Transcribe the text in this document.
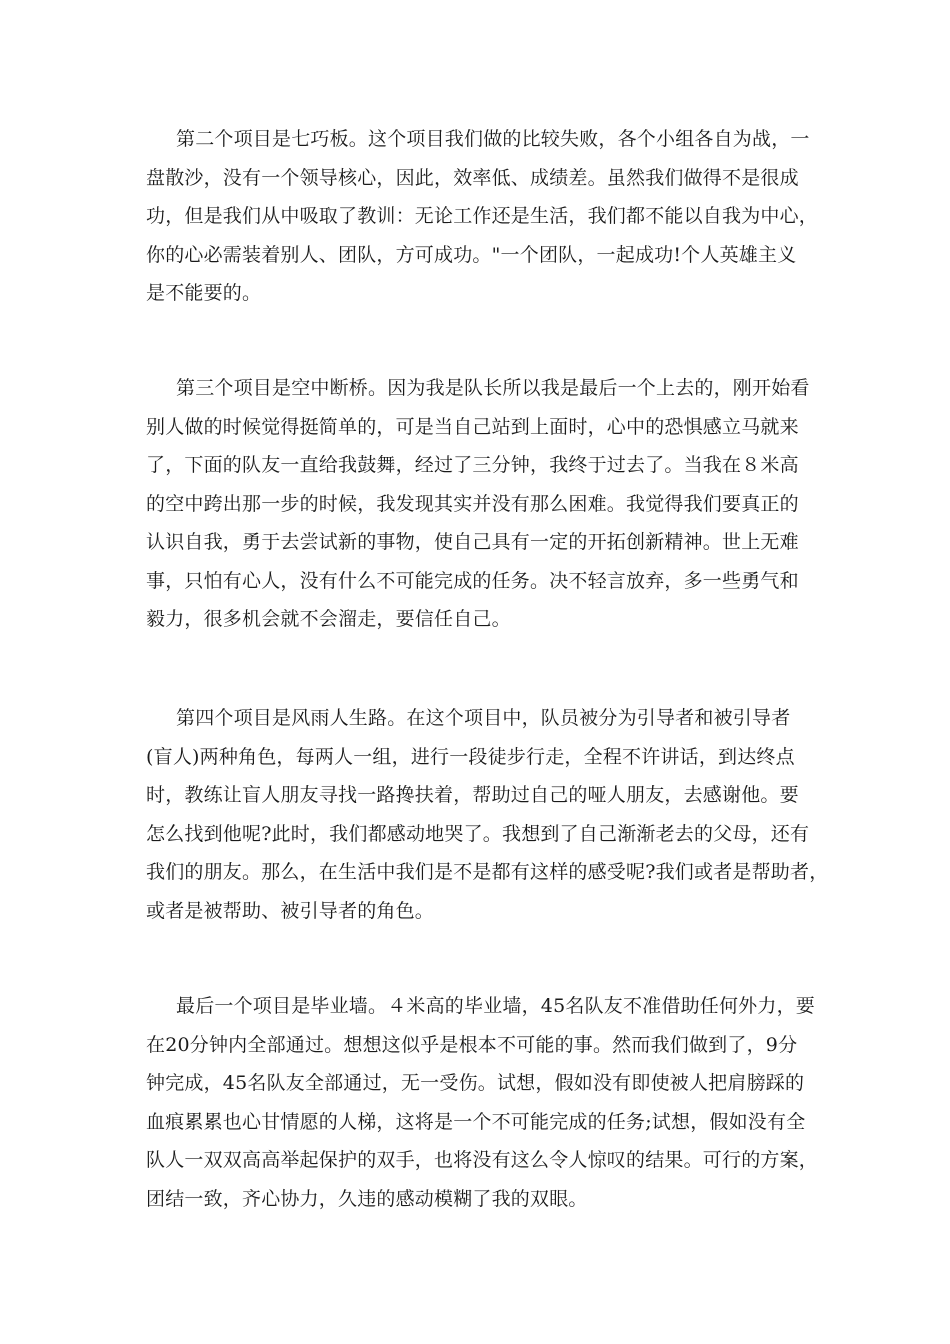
第二个项目是七巧板。这个项目我们做的比较失败，各个小组各自为战，一
盘散沙，没有一个领导核心，因此，效率低、成绩差。虽然我们做得不是很成
功，但是我们从中吸取了教训：无论工作还是生活，我们都不能以自我为中心，
你的心必需装着别人、团队，方可成功。"一个团队，一起成功!个人英雄主义
是不能要的。
第三个项目是空中断桥。因为我是队长所以我是最后一个上去的，刚开始看
别人做的时候觉得挺简单的，可是当自己站到上面时，心中的恐惧感立马就来
了，下面的队友一直给我鼓舞，经过了三分钟，我终于过去了。当我在８米高
的空中跨出那一步的时候，我发现其实并没有那么困难。我觉得我们要真正的
认识自我，勇于去尝试新的事物，使自己具有一定的开拓创新精神。世上无难
事，只怕有心人，没有什么不可能完成的任务。决不轻言放弃，多一些勇气和
毅力，很多机会就不会溜走，要信任自己。
第四个项目是风雨人生路。在这个项目中，队员被分为引导者和被引导者
(盲人)两种角色，每两人一组，进行一段徒步行走，全程不许讲话，到达终点
时，教练让盲人朋友寻找一路搀扶着，帮助过自己的哑人朋友，去感谢他。要
怎么找到他呢?此时，我们都感动地哭了。我想到了自己渐渐老去的父母，还有
我们的朋友。那么，在生活中我们是不是都有这样的感受呢?我们或者是帮助者，
或者是被帮助、被引导者的角色。
最后一个项目是毕业墙。４米高的毕业墙，45名队友不准借助任何外力，要
在20分钟内全部通过。想想这似乎是根本不可能的事。然而我们做到了，9分
钟完成，45名队友全部通过，无一受伤。试想，假如没有即使被人把肩膀踩的
血痕累累也心甘情愿的人梯，这将是一个不可能完成的任务;试想，假如没有全
队人一双双高高举起保护的双手，也将没有这么令人惊叹的结果。可行的方案，
团结一致，齐心协力，久违的感动模糊了我的双眼。
